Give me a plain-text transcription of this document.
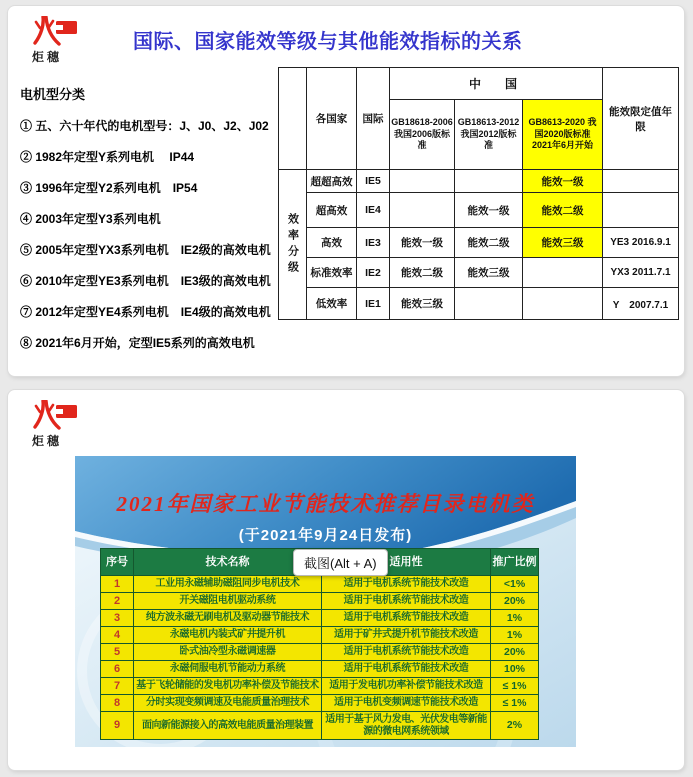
炬穗
国际、国家能效等级与其他能效指标的关系
电机型分类
① 五、六十年代的电机型号：J、J0、J2、J02
② 1982年定型Y系列电机　 IP44
③ 1996年定型Y2系列电机　IP54
④ 2003年定型Y3系列电机
⑤ 2005年定型YX3系列电机　IE2级的高效电机
⑥ 2010年定型YE3系列电机　IE3级的高效电机
⑦ 2012年定型YE4系列电机　IE4级的高效电机
⑧ 2021年6月开始，定型IE5系列的高效电机
	各国家	国际	中　国			能效限定值年限
			GB18618-2006 我国2006版标准	GB18613-2012 我国2012版标准	GB8613-2020 我国2020版标准 2021年6月开始	
效率分级	超超高效	IE5			能效一级	
	超高效	IE4		能效一级	能效二级	
	高效	IE3	能效一级	能效二级	能效三级	YE3 2016.9.1
	标准效率	IE2	能效二级	能效三级		YX3 2011.7.1
	低效率	IE1	能效三级			Y　2007.7.1
炬穗
2021年国家工业节能技术推荐目录电机类
(于2021年9月24日发布)
序号	技术名称	适用性	推广比例
1	工业用永磁辅助磁阻同步电机技术	适用于电机系统节能技术改造	<1%
2	开关磁阻电机驱动系统	适用于电机系统节能技术改造	20%
3	纯方波永磁无刷电机及驱动器节能技术	适用于电机系统节能技术改造	1%
4	永磁电机内装式矿井提升机	适用于矿井式提升机节能技术改造	1%
5	卧式油冷型永磁调速器	适用于电机系统节能技术改造	20%
6	永磁伺服电机节能动力系统	适用于电机系统节能技术改造	10%
7	基于飞轮储能的发电机功率补偿及节能技术	适用于发电机功率补偿节能技术改造	≤ 1%
8	分时实现变频调速及电能质量治理技术	适用于电机变频调速节能技术改造	≤ 1%
9	面向新能源接入的高效电能质量治理装置	适用于基于风力发电、光伏发电等新能源的微电网系统领域	2%
截图(Alt + A)
